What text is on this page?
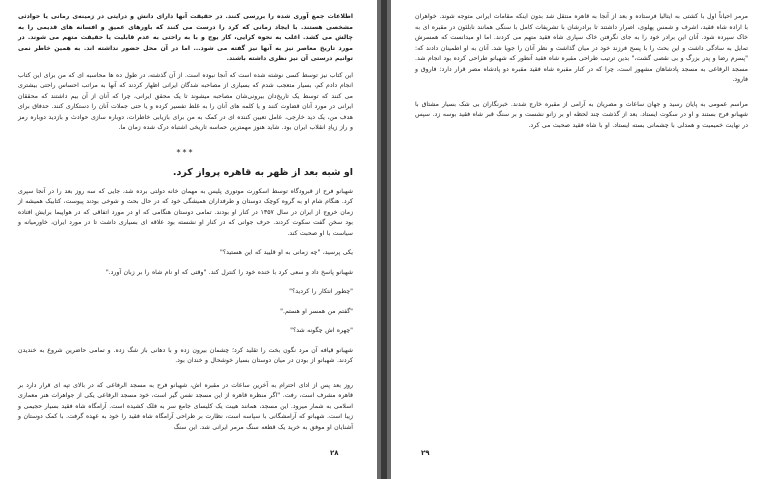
اطلاعات جمع آوری شده را بررسی کنند. در حقیقت آنها دارای دانش و درایتی در زمینه‌ی رمانی یا حوادثی مشخصی هستند. با ایجاد زمانی که کرد را درست می کنند که باورهای عمیق و افسانه های قدیمی را به چالش می کشد. اغلب به نحوه کرایی، کار یوج و با به راحتی به عدم قابلیت یا حقیقت متهم می شوند. در مورد تاریخ معاصر نیز به آنها نیز گفته می شود... اما در آن محل حضور نداشته اند. به همین خاطر نمی توانیم درستی آن نیز نظری داشته باشند.

این کتاب نیز توسط کسی نوشته شده است که آنجا نبوده است. از آن گذشته، در طول ده ها محاسبه ای که من برای این کتاب انجام دادم کم، بسیار متعجب شدم که بسیاری از مصاحبه شدگان ایرانی اظهار کردند که آنها به مراتب احساس راحتی بیشتری می کنند که توسط یک تاریخ‌دان بیرونی‌شان مصاحبه میشوند تا یک محقق ایرانی، چرا که آنان از آن بیم داشتند که محققان ایرانی در مورد آنان قضاوت کنند و یا کلمه های آنان را به غلط تفسیر کرده و یا حتی جملات آنان را دستکاری کنند. حدفاق برای هدف من، یک دید خارجی، عامل تعیین کننده ای در کمک به من برای بازیابی خاطرات، دوباره سازی حوادث و بازدید دوباره رمز و راز زیادِ انقلاب ایران بود. شاید هنوز مهمترین حماسه تاریخی اشتباه درک شده زمان ما.

***
او شبه بعد از ظهر به قاهره پرواز کرد.

شهبانو فرح از قبرودگاه توسط اسکورت موتوری پلیس به مهمان خانه دولتی برده شد، جایی که سه روز بعد را در آنجا سپری کرد. هنگام شام او به گروه کوچک دوستان و طرفداران همیشگی خود که در حال بحث و شوخی بودند پیوست، کتابیک همیشه از زمان خروج از ایران در سال ۱۳۵۷ در کنار او بودند. تمامی دوستان هنگامی که او در مورد اتفاقی که در هواپیما برایش افتاده بود سخن گفت سکوت کردند. حرف جوانی که در کنار او نشسته بود علاقه ای بسیاری داشت تا در مورد ایران، خاورمیانه و سیاست با او صحبت کند.

یکی پرسید، "چه زمانی به او قلیید که این هستید؟"

شهبانو پاسخ داد و سعی کرد با خنده خود را کنترل کند. "وقتی که او نام شاه را بر زبان آورد."

"چطور انتکار را کردید؟"

"گفتم من همسر او هستم."

"چهره اش چگونه شد؟"

شهبانو قیافه آن مرد نگون بخت را تقلید کرد؛ چشمان بیرون زده و با دهانی باز شگ زده. و تمامی حاضرین شروع به خندیدن کردند. شهبانو از بودن در میان دوستان بسیار خوشحال و خندان بود.

روز بعد پس از ادای احترام به آخرین ساعات در مقبره اش، شهبانو فرح به مسجد الرفاعی که در بالای تپه ای قرار دارد بر قاهره مشرف است، رفت. "اگر منظره قاهره از این مسجد نفس گیر است، خود مسجد الرفاعی یکی از جواهرات هنر معماری اسلامی به شمار میرود. این مسجد، همانند هیبت یک کلیسای جامع سر به فلک کشیده است. آرامگاه شاه فقید بسیار حجیمی و زیبا است. شهبانو که آرامشگانی با سپاسه است، نظارت بر طراحی آرامگاه شاه فقید را خود به عهده گرفت. با کمک دوستان و آشنایان او موفق به خرید یک قطعه سنگ مرمر ایرانی شد. این سنگ

۲۸

مرمر احیاناً اول با کشتی به ایتالیا فرستاده و بعد از آنجا به قاهره منتقل شد بدون اینکه مقامات ایرانی متوجه شوند. خواهران با اراده شاه فقید، اشرف و شمس پهلوی، اصرار داشتند تا برادرشان با تشریفات کامل با سنگی همانند نابلئون در مقبره ای به خاک سپرده شود. آنان این برادر خود را به جای نگرفتن خاک سپاری شاه فقید متهم می کردند. اما او میدانست که همسرش تمایل به سادگی داشت و این بحث را با پسح فرزند خود در میان گذاشت و نظر آنان را جویا شد. آنان به او اطمینان دادند که: "پسرم رضا و پدر بزرگ و بی نقصی گشت،" بدین ترتیب طراحی مقبره شاه فقید آنطور که شهبانو طراحی کرده بود انجام شد. مسجد الرفاعی به مسجد پادشاهان مشهور است، چرا که در کنار مقبره شاه فقید مقبره دو پادشاه مصر قرار دارد: فاروق و فارود.

مراسم عمومی به پایان رسید و جهان ساعات و مصریان به آرامی از مقبره خارج شدند. خبرنگاران بی شک بسیار مشتاق با شهبانو فرح بستند و او در سکوت ایستاد. بعد از گذشت چند لحظه او بر زانو نشست و بر سنگ قبر شاه فقید بوسه زد. سپس در نهایت خمیمیت و همدلی با چشمانی بسته ایستاد. او با شاه فقید صحبت می کرد.

۲۹
